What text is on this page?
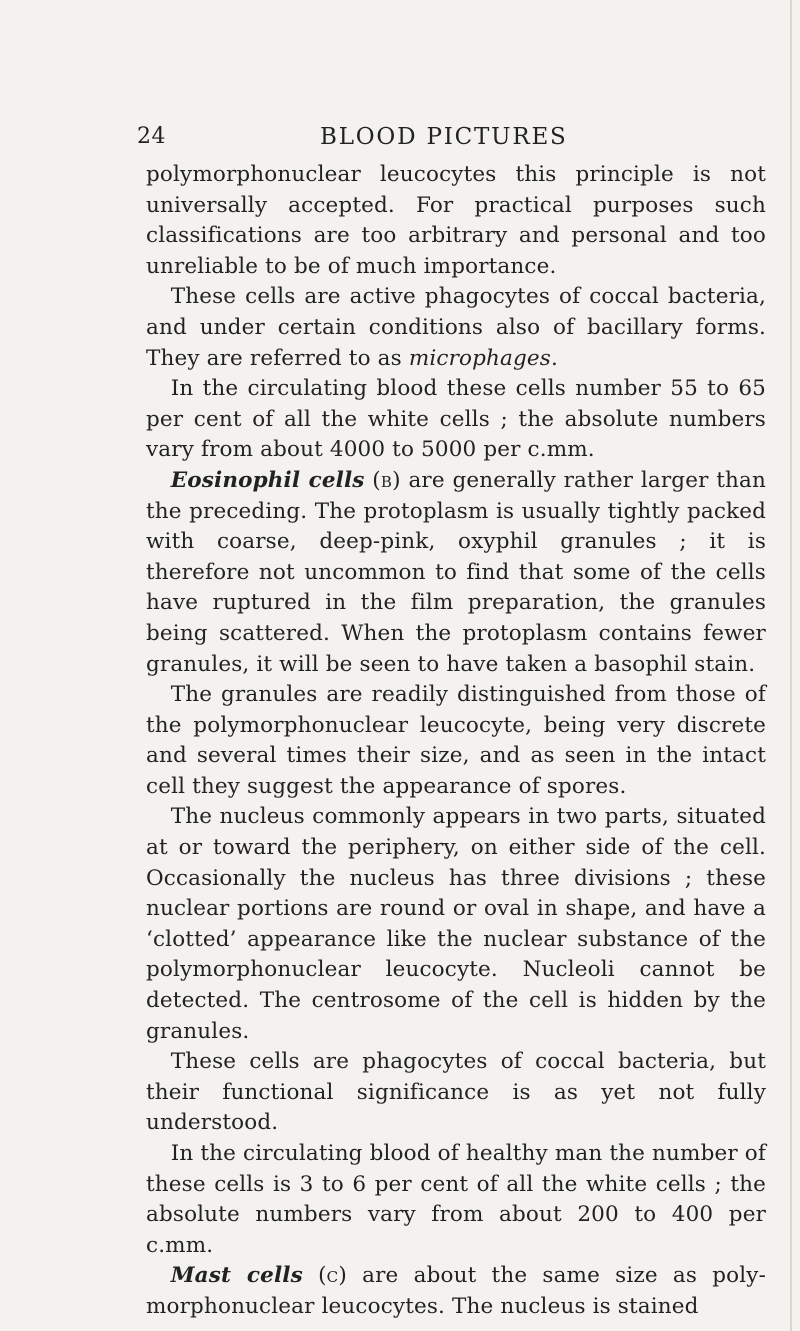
24	BLOOD PICTURES

polymorphonuclear leucocytes this principle is not universally accepted. For practical purposes such classifications are too arbitrary and personal and too unreliable to be of much importance.

These cells are active phagocytes of coccal bacteria, and under certain conditions also of bacillary forms. They are referred to as microphages.

In the circulating blood these cells number 55 to 65 per cent of all the white cells ; the absolute numbers vary from about 4000 to 5000 per c.mm.

Eosinophil cells (b) are generally rather larger than the preceding. The protoplasm is usually tightly packed with coarse, deep-pink, oxyphil granules ; it is therefore not uncommon to find that some of the cells have ruptured in the film preparation, the granules being scattered. When the protoplasm contains fewer granules, it will be seen to have taken a basophil stain.

The granules are readily distinguished from those of the polymorphonuclear leucocyte, being very discrete and several times their size, and as seen in the intact cell they suggest the appearance of spores.

The nucleus commonly appears in two parts, situated at or toward the periphery, on either side of the cell. Occasionally the nucleus has three divisions ; these nuclear portions are round or oval in shape, and have a ‘clotted’ appearance like the nuclear substance of the polymorphonuclear leucocyte. Nucleoli cannot be detected. The centrosome of the cell is hidden by the granules.

These cells are phagocytes of coccal bacteria, but their functional significance is as yet not fully understood.

In the circulating blood of healthy man the number of these cells is 3 to 6 per cent of all the white cells ; the absolute numbers vary from about 200 to 400 per c.mm.

Mast cells (c) are about the same size as poly-morphonuclear leucocytes. The nucleus is stained
